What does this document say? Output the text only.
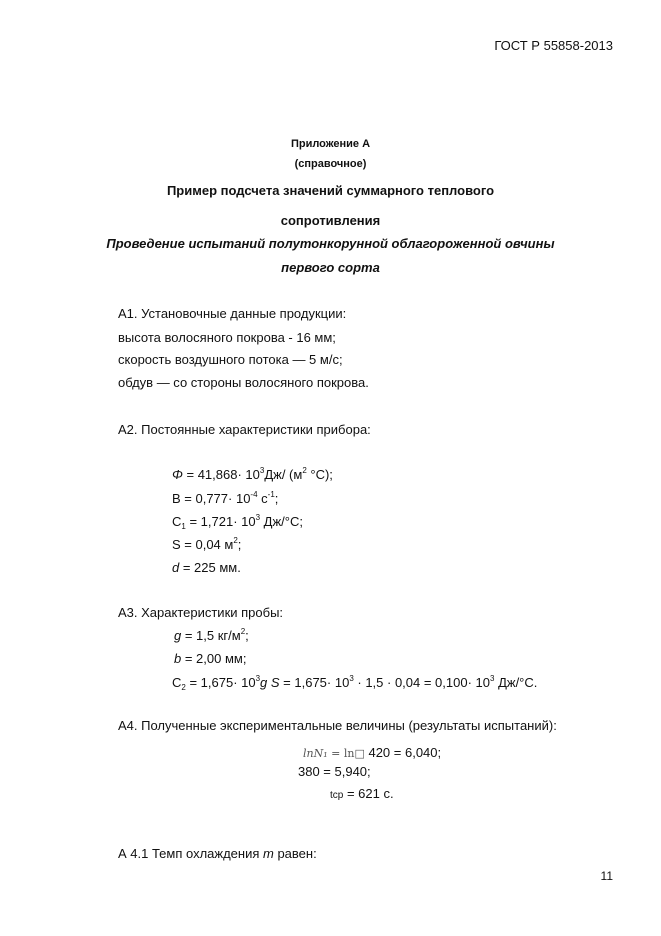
ГОСТ Р 55858-2013
Приложение А
(справочное)
Пример подсчета значений суммарного теплового
сопротивления
Проведение испытаний полутонкорунной облагороженной овчины
первого сорта
А1. Установочные данные продукции:
высота волосяного покрова - 16 мм;
скорость воздушного потока — 5 м/с;
обдув — со стороны волосяного покрова.
А2. Постоянные характеристики прибора:
$\Phi = 41,868\cdot 10^3Дж/$ ($м^2$ °C);
$В = 0,777\cdot 10^{-4}$ $с^{-1}$;
$С_1 = 1,721\cdot 10^3$ Дж/°С;
S = 0,04 $м^2$;
d = 225 мм.
А3. Характеристики пробы:
g = 1,5 $кг/м^2$;
b = 2,00 мм;
$С_2 = 1,675\cdot 10^3g$ $S = 1,675\cdot 10^3 \cdot 1,5 \cdot 0,04 = 0,100\cdot 10^3$ Дж/°С.
А4. Полученные экспериментальные величины (результаты испытаний):
lnN₁ = ln□ 420 = 6,040;
380 = 5,940;
tср = 621 с.
А 4.1 Темп охлаждения m равен:
11
